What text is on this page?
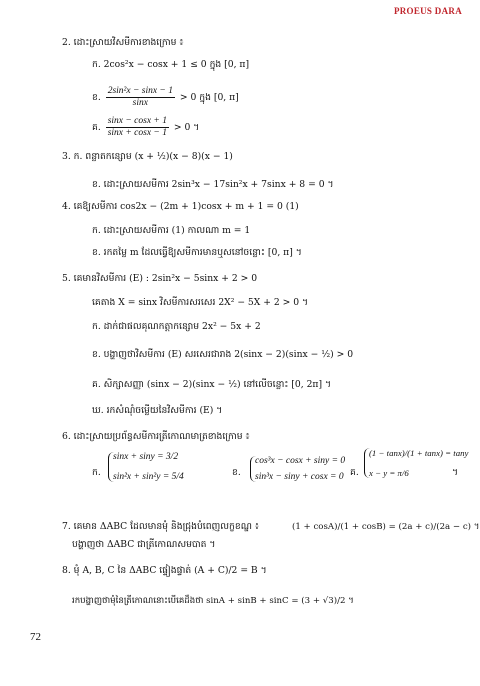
PROEUS DARA
2. ដោះស្រាយវិសមីការខាងក្រោម ៖
ក. 2cos²x − cosx + 1 ≤ 0 ក្នុង [0, π]
ខ. $\frac{\text{2sin²x − sinx − 1}}{\sin x} > 0$ ក្នុង [0, π]
គ. $\frac{\sin x - \cos x + 1}{\sin x + \cos x - 1} > 0$ ។
3. ក. ពន្លាតកន្សោម (x + ½)(x − 8)(x − 1)
ខ. ដោះស្រាយសមីការ 2sin³x − 17sin²x + 7sinx + 8 = 0 ។
4. គេឱ្យសមីការ cos2x − (2m + 1)cosx + m + 1 = 0 (1)
ក. ដោះស្រាយសមីការ (1) កាលណា m = 1
ខ. រកតម្លៃ m ដែលធ្វើឱ្យសមីការមានឬសនៅចន្លោះ [0, π] ។
5. គេមានវិសមីការ (E) : 2sin²x − 5sinx + 2 > 0
គេតាង X = sinx វិសមីការសរសេរ 2X² − 5X + 2 > 0 ។
ក. ដាក់ជាផលគុណកត្តាកន្សោម 2x² − 5x + 2
ខ. បង្ហាញថាវិសមីការ (E) សរសេរជារាង 2(sinx − 2)(sinx − ½) > 0
គ. សិក្សាសញ្ញា (sinx − 2)(sinx − ½) នៅលើចន្លោះ [0, 2π] ។
ឃ. រកសំណុំចម្លើយនៃវិសមីការ (E) ។
6. ដោះស្រាយប្រព័ន្ធសមីការត្រីកោណមាត្រខាងក្រោម ៖
ក.
sinx + siny = 3/2
sin²x + sin²y = 5/4	ខ.
cos³x − cosx + siny = 0
sin³x − siny + cosx = 0 គ.
(1 − tanx)/(1 + tanx) = tany
x − y = π/6	។
7. គេមាន ΔABC ដែលមានមុំ និងជ្រុងបំពេញលក្ខខណ្ឌ ៖	(1 + cosA)/(1 + cosB) = (2a + c)/(2a − c) ។
បង្ហាញថា ΔABC ជាត្រីកោណសមបាត ។
8. មុំ A, B, C នៃ ΔABC ផ្ទៀងផ្ទាត់ (A + C)/2 = B ។
រកបង្ហាញថាមុំនៃត្រីកោណនោះបើគេដឹងថា sinA + sinB + sinC = (3 + √3)/2 ។
72
